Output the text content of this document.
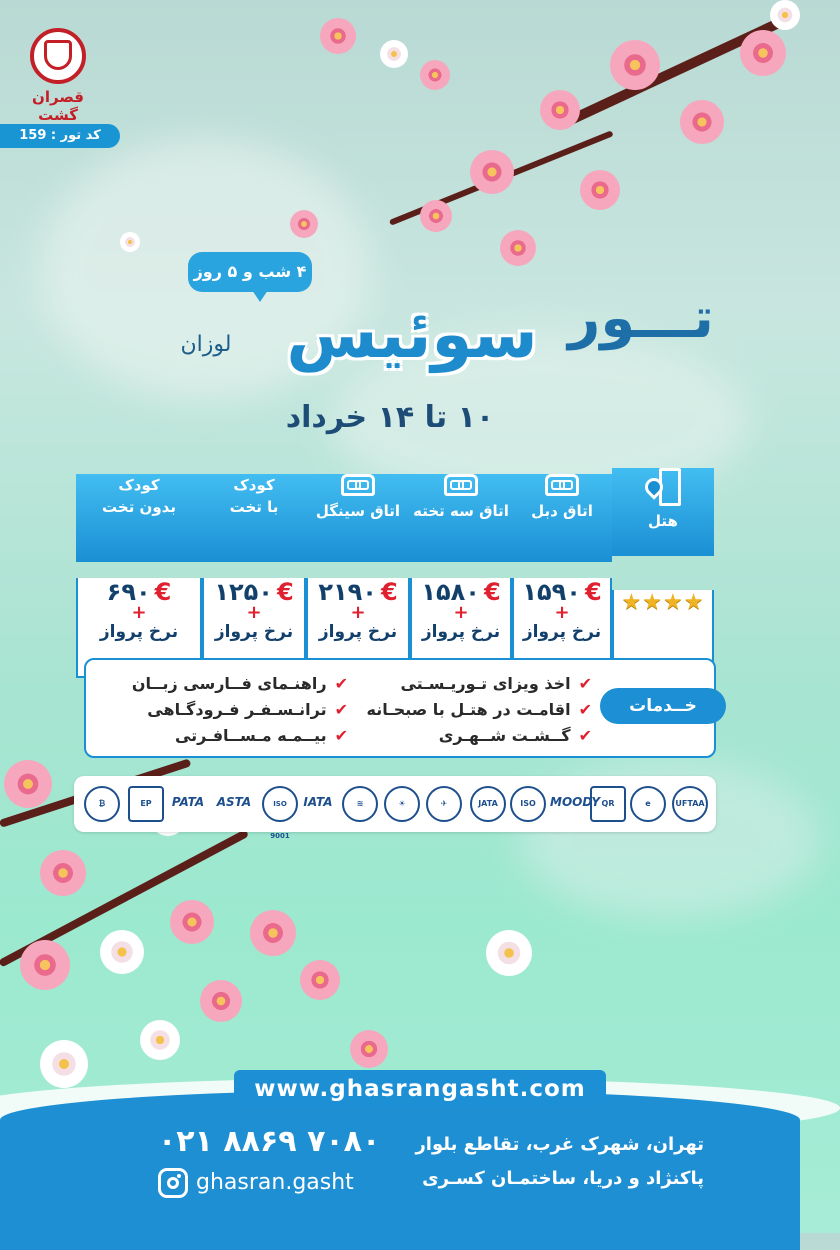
قصران گشت
کد تور : 159
۴ شب و ۵ روز
تـــور
سوئیس
لوزان
۱۰ تا ۱۴ خرداد
هتل
★★★★
اتاق دبل
۱۵۹۰ €
+
نرخ پرواز
اتاق سه تخته
۱۵۸۰ €
+
نرخ پرواز
اتاق سینگل
۲۱۹۰ €
+
نرخ پرواز
کودک
با تخت
۱۲۵۰ €
+
نرخ پرواز
کودک
بدون تخت
۶۹۰ €
+
نرخ پرواز
خــدمات
✔اخذ ویزای تـوریـسـتی
✔اقامـت در هتـل با صبحـانه
✔گــشـت شــهـری
✔راهنـمای فــارسی زبــان
✔ترانـسـفـر فـرودگـاهی
✔بیــمـه مـســافـرتی
UFTAA
e
QR
MOODY
ISO
JATA
✈
☀
≋
IATA
ISO 9001
ASTA
PATA
EP
₿
www.ghasrangasht.com
۰۲۱ ۸۸۶۹ ۷۰۸۰
ghasran.gasht
تهران، شهرک غرب، تقاطع بلوار
پاکنژاد و دریا، ساختمـان کسـری
